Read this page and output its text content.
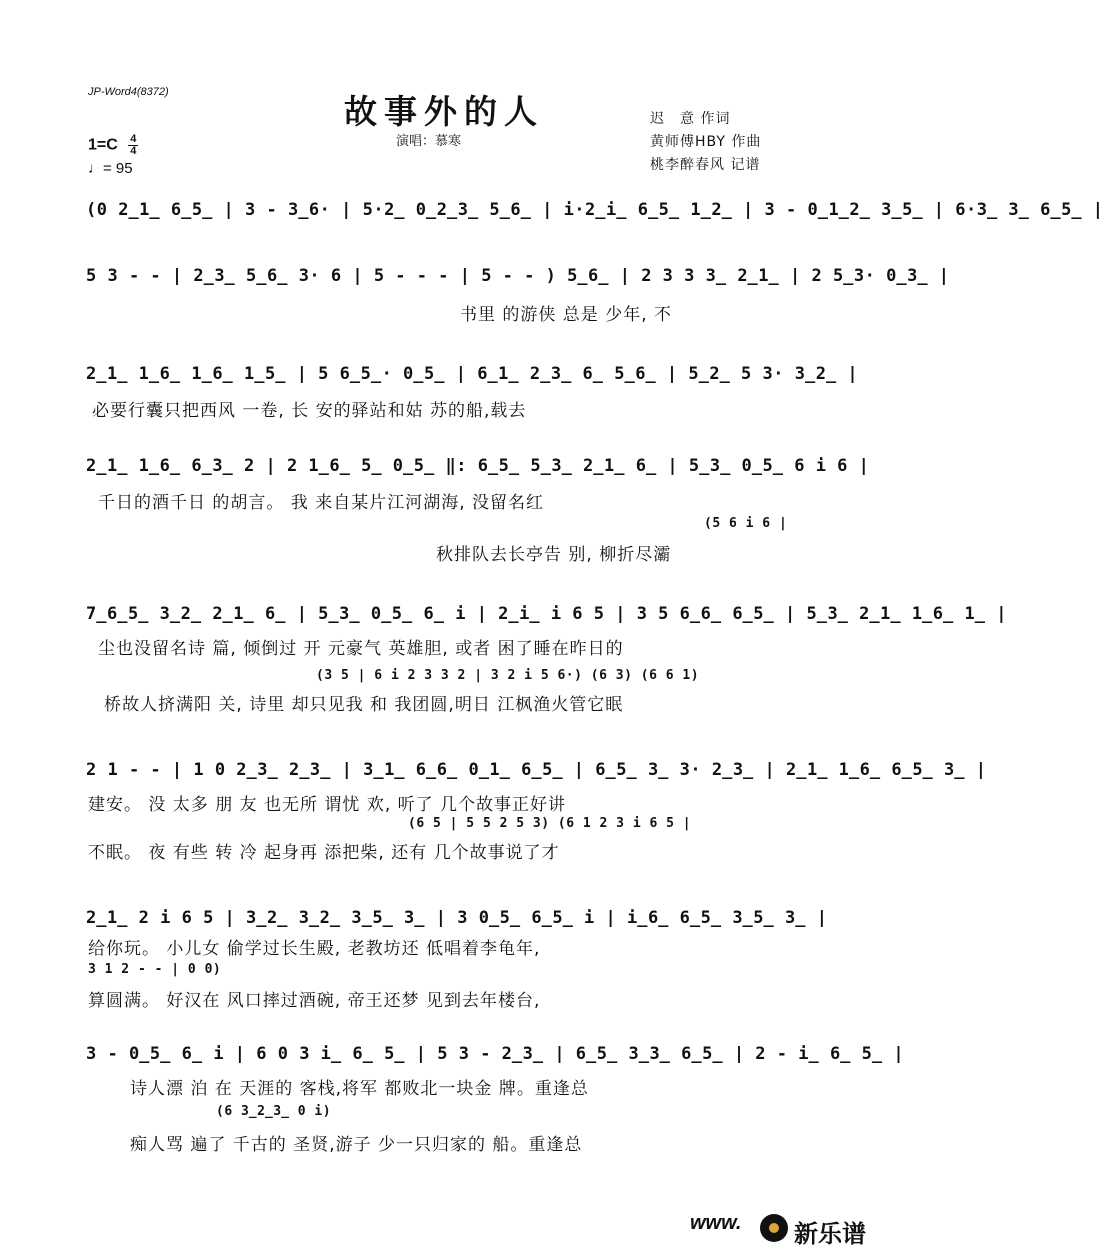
JP-Word4(8372)	故事外的人
演唱：慕寒
迟　意 作词
黄师傅HBY 作曲
桃李醉春风 记谱
$1=C \frac{4}{4}$
♩= 95
(0 2̲1̲ 6̲5̲ | 3 - 3̲6· | 5·2̲ 0̲2̲3̲ 5̲6̲ | i·2̲i̲ 6̲5̲ 1̲2̲ | 3 - 0̲1̲2̲ 3̲5̲ | 6·3̲ 3̲ 6̲5̲ |
5 3 - - | 2̲3̲ 5̲6̲ 3· 6 | 5 - - - | 5 - - ) 5̲6̲ | 2 3 3 3̲ 2̲1̲ | 2 5̲3· 0̲3̲ |
书里 的游侠 总是 少年, 不
2̲1̲ 1̲6̲ 1̲6̲ 1̲5̲ | 5 6̲5̲· 0̲5̲ | 6̲1̲ 2̲3̲ 6̲ 5̲6̲ | 5̲2̲ 5 3· 3̲2̲ |
必要行囊只把西风 一卷, 长 安的驿站和姑 苏的船,载去
2̲1̲ 1̲6̲ 6̲3̲ 2 | 2 1̲6̲ 5̲ 0̲5̲ ‖: 6̲5̲ 5̲3̲ 2̲1̲ 6̲ | 5̲3̲ 0̲5̲ 6 i 6 |
千日的酒千日 的胡言。 我 来自某片江河湖海, 没留名红
(5 6 i 6 |
秋排队去长亭告 别, 柳折尽灞
7̲6̲5̲ 3̲2̲ 2̲1̲ 6̲ | 5̲3̲ 0̲5̲ 6̲ i | 2̲i̲ i 6 5 | 3 5 6̲6̲ 6̲5̲ | 5̲3̲ 2̲1̲ 1̲6̲ 1̲ |
尘也没留名诗 篇, 倾倒过 开 元豪气 英雄胆, 或者 困了睡在昨日的
(3 5 | 6 i 2 3 3 2 | 3 2 i 5 6·) (6 3) (6 6 1)
桥故人挤满阳 关, 诗里 却只见我 和 我团圆,明日 江枫渔火管它眠
2 1 - - | 1 0 2̲3̲ 2̲3̲ | 3̲1̲ 6̲6̲ 0̲1̲ 6̲5̲ | 6̲5̲ 3̲ 3· 2̲3̲ | 2̲1̲ 1̲6̲ 6̲5̲ 3̲ |
建安。 没 太多 朋 友 也无所 谓忧 欢, 听了 几个故事正好讲
(6 5 | 5 5 2 5 3) (6 1 2 3 i 6 5 |
不眠。 夜 有些 转 冷 起身再 添把柴, 还有 几个故事说了才
2̲1̲ 2 i 6 5 | 3̲2̲ 3̲2̲ 3̲5̲ 3̲ | 3 0̲5̲ 6̲5̲ i | i̲6̲ 6̲5̲ 3̲5̲ 3̲ |
给你玩。 小儿女 偷学过长生殿, 老教坊还 低唱着李龟年,
3 1 2 - - | 0 0)
算圆满。 好汉在 风口摔过酒碗, 帝王还梦 见到去年楼台,
3 - 0̲5̲ 6̲ i | 6 0 3 i̲ 6̲ 5̲ | 5 3 - 2̲3̲ | 6̲5̲ 3̲3̲ 6̲5̲ | 2 - i̲ 6̲ 5̲ |
诗人漂 泊 在 天涯的 客栈,将军 都败北一块金 牌。重逢总
(6 3̲2̲3̲ 0 i)
痴人骂 遍了 千古的 圣贤,游子 少一只归家的 船。重逢总
www. 新乐谱
